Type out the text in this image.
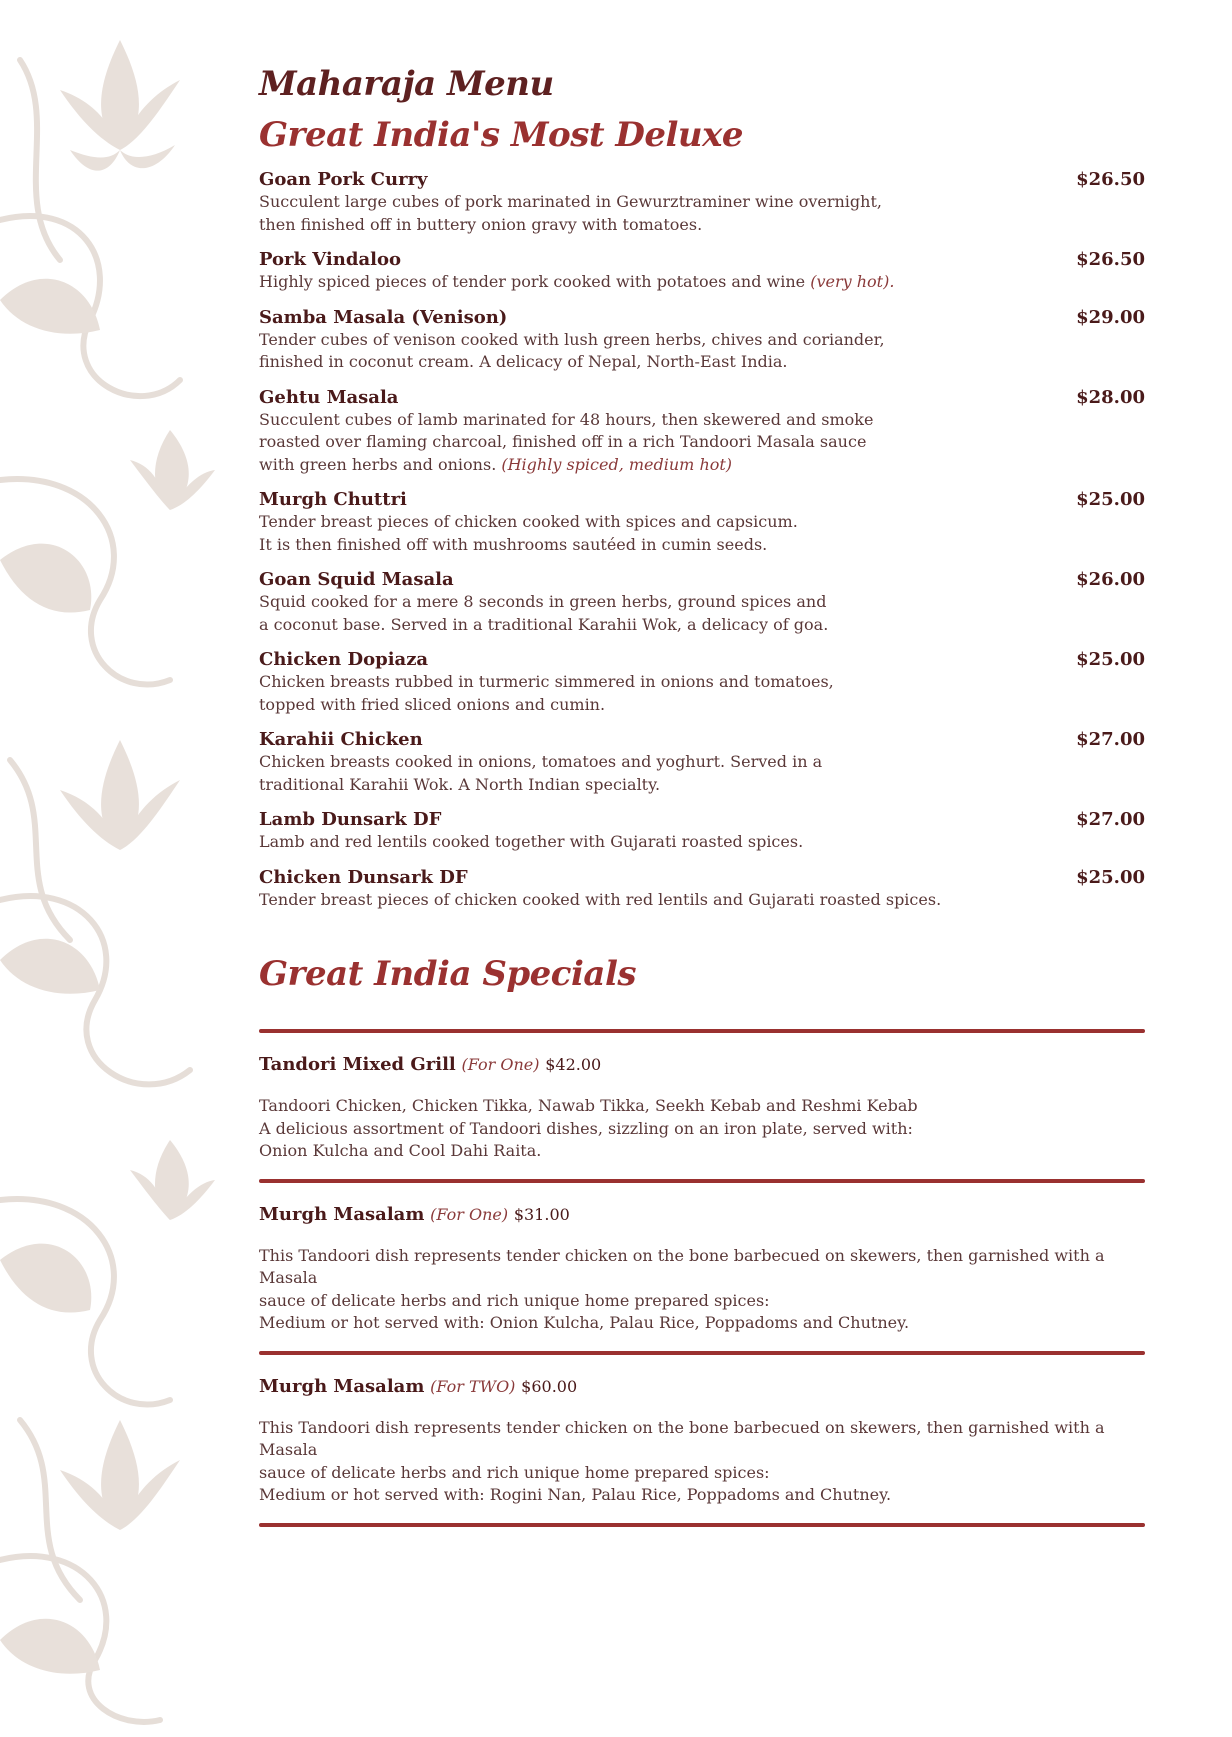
Maharaja Menu
Great India's Most Deluxe
Goan Pork Curry	$26.50

Succulent large cubes of pork marinated in Gewurztraminer wine overnight,
then finished off in buttery onion gravy with tomatoes.

Pork Vindaloo	$26.50

Highly spiced pieces of tender pork cooked with potatoes and wine (very hot).

Samba Masala (Venison)	$29.00

Tender cubes of venison cooked with lush green herbs, chives and coriander,
finished in coconut cream. A delicacy of Nepal, North-East India.

Gehtu Masala	$28.00

Succulent cubes of lamb marinated for 48 hours, then skewered and smoke
roasted over flaming charcoal, finished off in a rich Tandoori Masala sauce
with green herbs and onions. (Highly spiced, medium hot)

Murgh Chuttri	$25.00

Tender breast pieces of chicken cooked with spices and capsicum.
It is then finished off with mushrooms sautéed in cumin seeds.

Goan Squid Masala	$26.00

Squid cooked for a mere 8 seconds in green herbs, ground spices and
a coconut base. Served in a traditional Karahii Wok, a delicacy of goa.

Chicken Dopiaza	$25.00

Chicken breasts rubbed in turmeric simmered in onions and tomatoes,
topped with fried sliced onions and cumin.

Karahii Chicken	$27.00

Chicken breasts cooked in onions, tomatoes and yoghurt. Served in a
traditional Karahii Wok. A North Indian specialty.

Lamb Dunsark DF	$27.00

Lamb and red lentils cooked together with Gujarati roasted spices.

Chicken Dunsark DF	$25.00

Tender breast pieces of chicken cooked with red lentils and Gujarati roasted spices.

Great India Specials
Tandori Mixed Grill (For One) $42.00

Tandoori Chicken, Chicken Tikka, Nawab Tikka, Seekh Kebab and Reshmi Kebab
A delicious assortment of Tandoori dishes, sizzling on an iron plate, served with:
Onion Kulcha and Cool Dahi Raita.

Murgh Masalam (For One) $31.00

This Tandoori dish represents tender chicken on the bone barbecued on skewers, then garnished with a Masala
sauce of delicate herbs and rich unique home prepared spices:
Medium or hot served with: Onion Kulcha, Palau Rice, Poppadoms and Chutney.

Murgh Masalam (For TWO) $60.00

This Tandoori dish represents tender chicken on the bone barbecued on skewers, then garnished with a Masala
sauce of delicate herbs and rich unique home prepared spices:
Medium or hot served with: Rogini Nan, Palau Rice, Poppadoms and Chutney.
